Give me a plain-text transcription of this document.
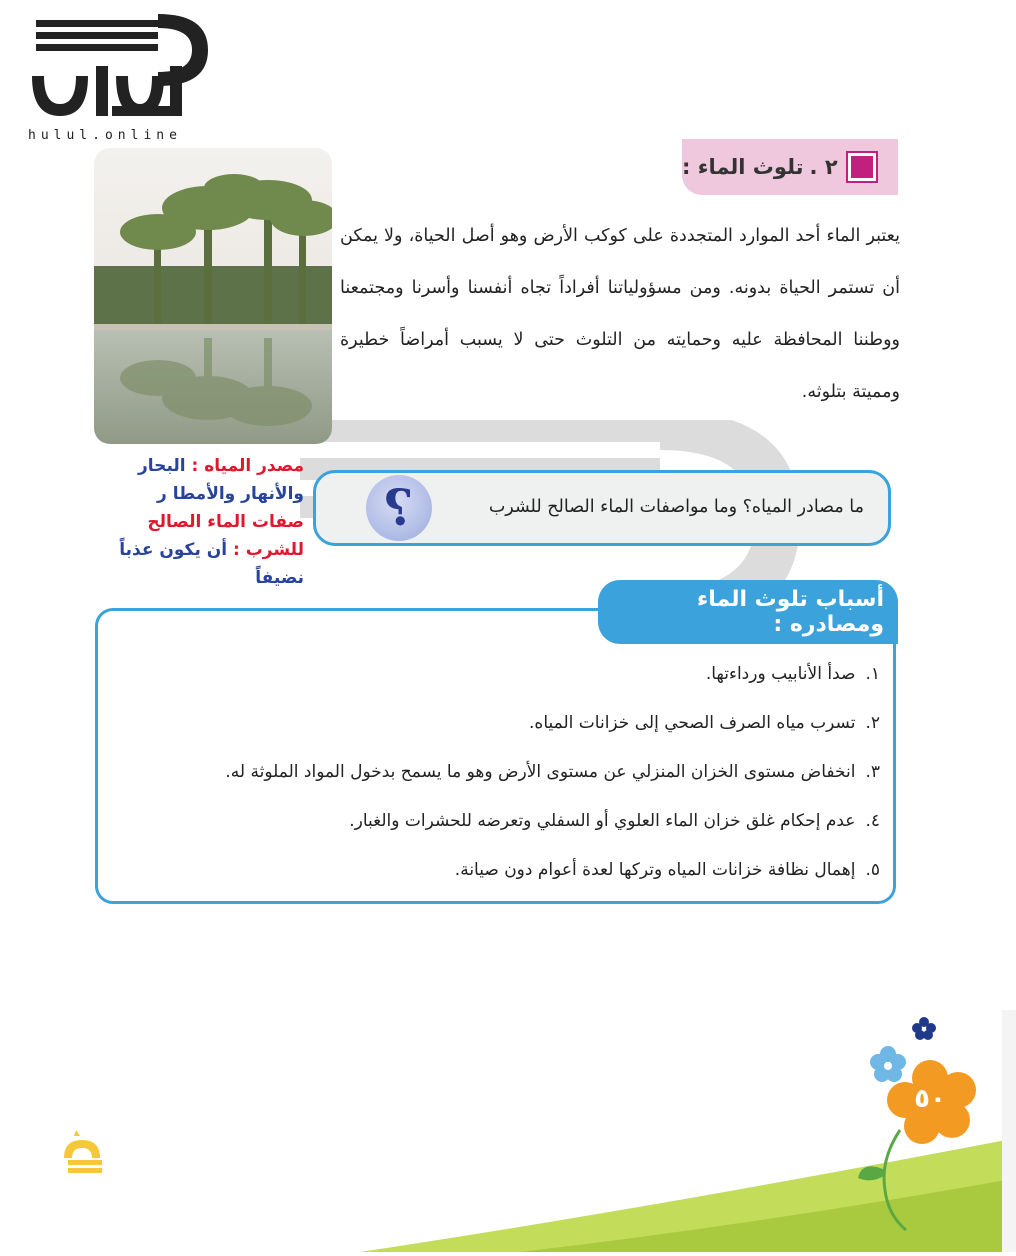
hulul.online
٢ .
تلوث الماء :
يعتبر الماء أحد الموارد المتجددة على كوكب الأرض وهو أصل الحياة، ولا يمكن أن تستمر الحياة بدونه. ومن مسؤولياتنا أفراداً تجاه أنفسنا وأسرنا ومجتمعنا ووطننا المحافظة عليه وحمايته من التلوث حتى لا يسبب أمراضاً خطيرة ومميتة بتلوثه.
مصدر المياه : البحار والأنهار والأمطا ر
صفات الماء الصالح للشرب : أن يكون عذباً نضيفاً
ما مصادر المياه؟ وما مواصفات الماء الصالح للشرب
?
أسباب تلوث الماء ومصادره :
١.صدأ الأنابيب ورداءتها.
٢.تسرب مياه الصرف الصحي إلى خزانات المياه.
٣.انخفاض مستوى الخزان المنزلي عن مستوى الأرض وهو ما يسمح بدخول المواد الملوثة له.
٤.عدم إحكام غلق خزان الماء العلوي أو السفلي وتعرضه للحشرات والغبار.
٥.إهمال نظافة خزانات المياه وتركها لعدة أعوام دون صيانة.
٥٠
